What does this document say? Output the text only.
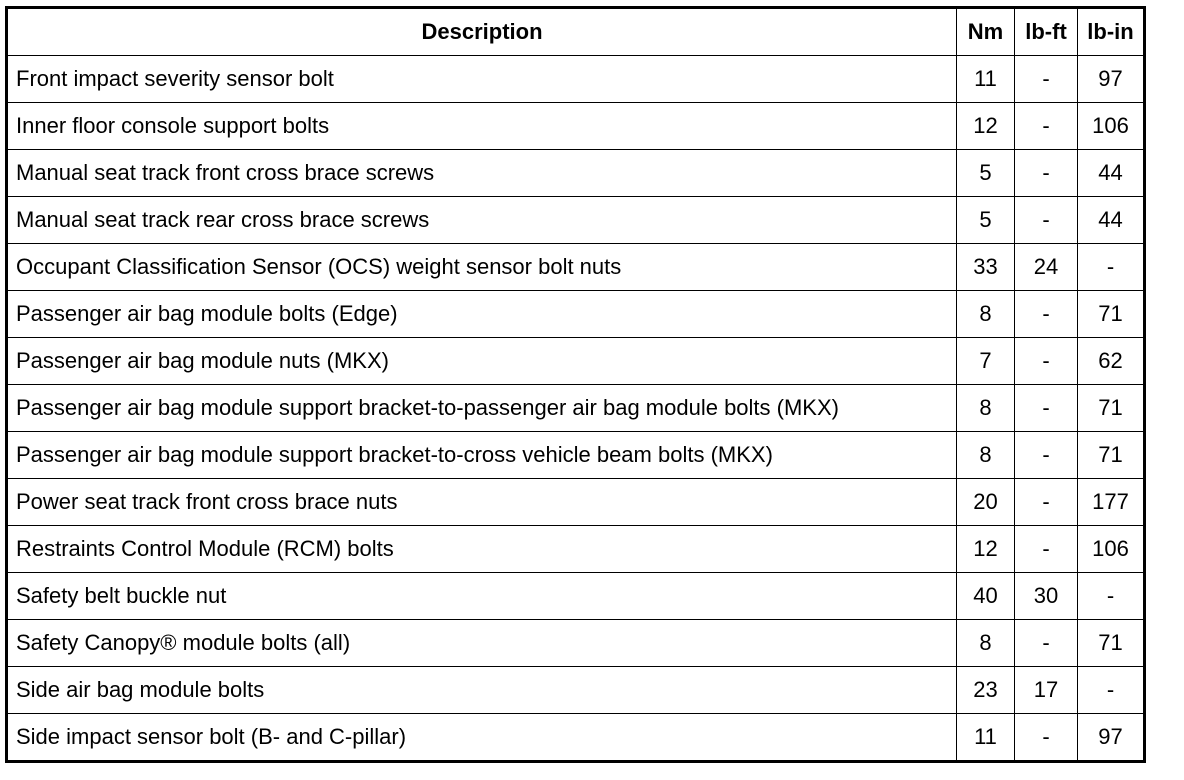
Description	Nm	lb-ft	lb-in
Front impact severity sensor bolt	11	-	97
Inner floor console support bolts	12	-	106
Manual seat track front cross brace screws	5	-	44
Manual seat track rear cross brace screws	5	-	44
Occupant Classification Sensor (OCS) weight sensor bolt nuts	33	24	-
Passenger air bag module bolts (Edge)	8	-	71
Passenger air bag module nuts (MKX)	7	-	62
Passenger air bag module support bracket-to-passenger air bag module bolts (MKX)	8	-	71
Passenger air bag module support bracket-to-cross vehicle beam bolts (MKX)	8	-	71
Power seat track front cross brace nuts	20	-	177
Restraints Control Module (RCM) bolts	12	-	106
Safety belt buckle nut	40	30	-
Safety Canopy® module bolts (all)	8	-	71
Side air bag module bolts	23	17	-
Side impact sensor bolt (B- and C-pillar)	11	-	97
